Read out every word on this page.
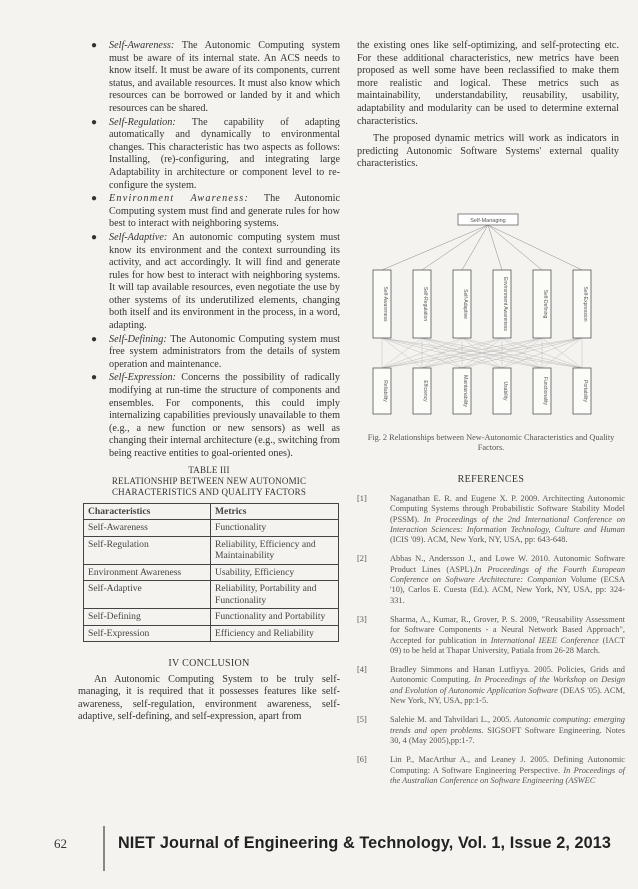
● Self-Awareness: The Autonomic Computing system must be aware of its internal state. An ACS needs to know itself. It must be aware of its components, current status, and available resources. It must also know which resources can be borrowed or landed by it and which resources can be shared.
● Self-Regulation: The capability of adapting automatically and dynamically to environmental changes. This characteristic has two aspects as follows: Installing, (re)-configuring, and integrating large Adaptability in architecture or component level to re-configure the system.
● Environment Awareness: The Autonomic Computing system must find and generate rules for how best to interact with neighboring systems.
● Self-Adaptive: An autonomic computing system must know its environment and the context surrounding its activity, and act accordingly. It will find and generate rules for how best to interact with neighboring systems. It will tap available resources, even negotiate the use by other systems of its underutilized elements, changing both itself and its environment in the process, in a word, adapting.
● Self-Defining: The Autonomic Computing system must free system administrators from the details of system operation and maintenance.
● Self-Expression: Concerns the possibility of radically modifying at run-time the structure of components and ensembles. For components, this could imply internalizing capabilities previously unavailable to them (e.g., a new function or new sensors) as well as changing their internal architecture (e.g., switching from being reactive entities to goal-oriented ones).
TABLE III
RELATIONSHIP BETWEEN NEW AUTONOMIC CHARACTERISTICS AND QUALITY FACTORS
Characteristics	Metrics
Self-Awareness	Functionality
Self-Regulation	Reliability, Efficiency and Maintainability
Environment Awareness	Usability, Efficiency
Self-Adaptive	Reliability, Portability and Functionality
Self-Defining	Functionality and Portability
Self-Expression	Efficiency and Reliability
IV CONCLUSION

An Autonomic Computing System to be truly self-managing, it is required that it possesses features like self-awareness, self-regulation, environment awareness, self-adaptive, self-defining, and self-expression, apart from

the existing ones like self-optimizing, and self-protecting etc. For these additional characteristics, new metrics have been proposed as well some have been reclassified to make them more realistic and logical. These metrics such as maintainability, understandability, reusability, usability, adaptability and modularity can be used to determine external characteristics.

The proposed dynamic metrics will work as indicators in predicting Autonomic Software Systems' external quality characteristics.

Self-Managing
Self-Awareness	Self-Regulation	Self-Adaptive	Environment Awareness	Self-Defining	Self-Expression
Reliability	Efficiency	Maintainability	Usability	Functionality	Portability
Fig. 2 Relationships between New-Autonomic Characteristics and Quality Factors.
REFERENCES
[1]	Naganathan E. R. and Eugene X. P. 2009. Architecting Autonomic Computing Systems through Probabilistic Software Stability Model (PSSM). In Proceedings of the 2nd International Conference on Interaction Sciences: Information Technology, Culture and Human (ICIS '09). ACM, New York, NY, USA, pp: 643-648.
[2]	Abbas N., Andersson J., and Lowe W. 2010. Autonomic Software Product Lines (ASPL).In Proceedings of the Fourth European Conference on Software Architecture: Companion Volume (ECSA '10), Carlos E. Cuesta (Ed.). ACM, New York, NY, USA, pp: 324-331.
[3]	Sharma, A., Kumar, R., Grover, P. S. 2009, "Reusability Assessment for Software Components - a Neural Network Based Approach", Accepted for publication in International IEEE Conference (IACT 09) to be held at Thapar University, Patiala from 26-28 March.
[4]	Bradley Simmons and Hanan Lutfiyya. 2005. Policies, Grids and Autonomic Computing. In Proceedings of the Workshop on Design and Evolution of Autonomic Application Software (DEAS '05). ACM, New York, NY, USA, pp:1-5.
[5]	Salehie M. and Tahvildari L., 2005. Autonomic computing: emerging trends and open problems. SIGSOFT Software Engineering. Notes 30, 4 (May 2005),pp:1-7.
[6]	Lin P., MacArthur A., and Leaney J. 2005. Defining Autonomic Computing: A Software Engineering Perspective. In Proceedings of the Australian Conference on Software Engineering (ASWEC
62	NIET Journal of Engineering & Technology, Vol. 1, Issue 2, 2013
